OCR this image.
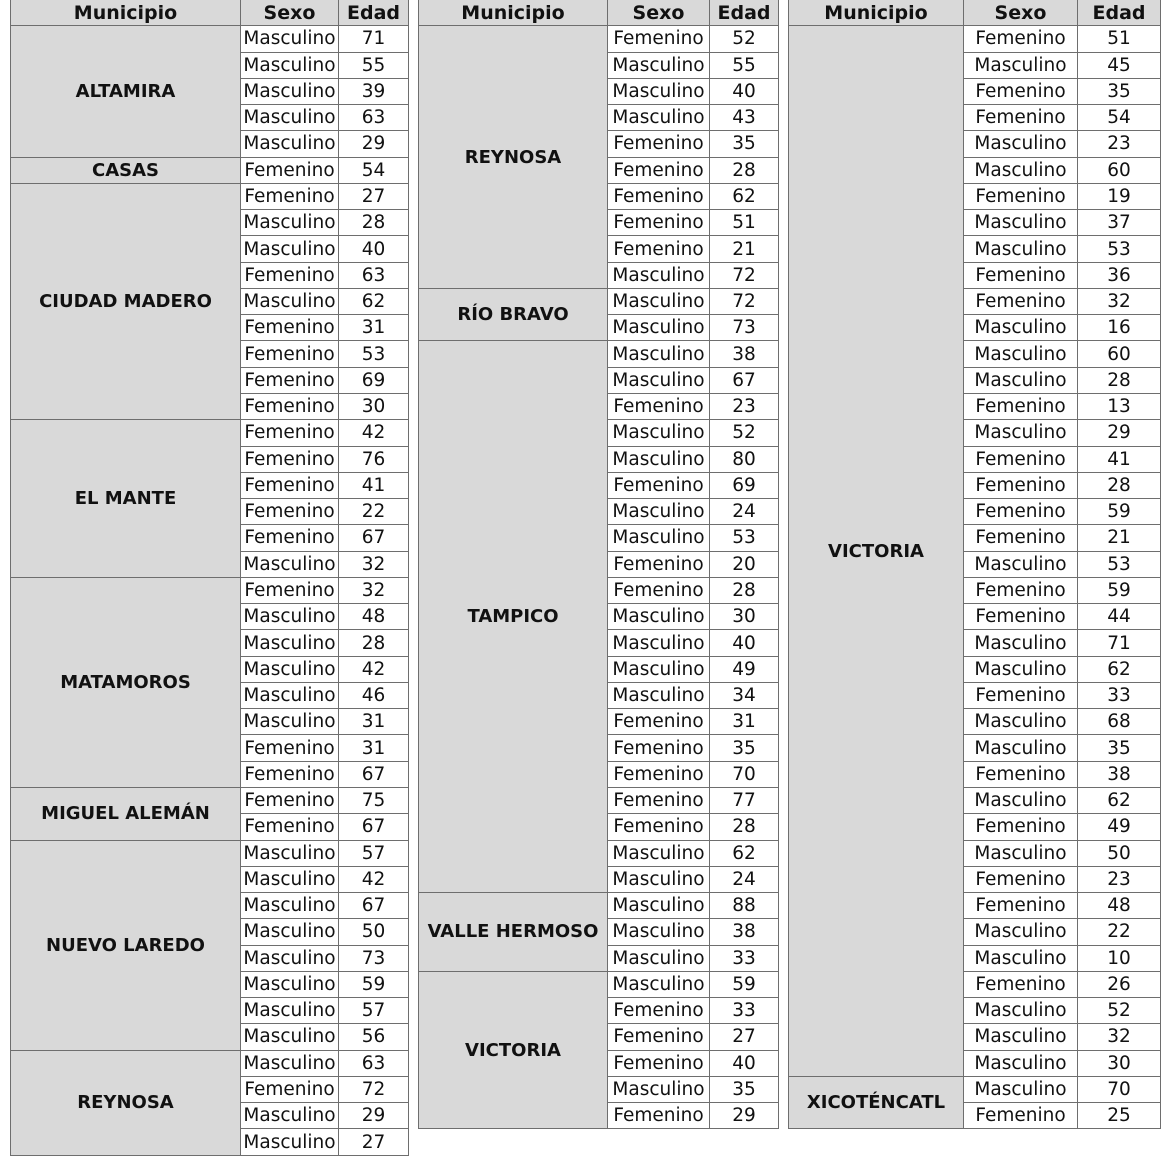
Municipio	Sexo	Edad
ALTAMIRA	Masculino	71
	Masculino	55
	Masculino	39
	Masculino	63
	Masculino	29
CASAS	Femenino	54
CIUDAD MADERO	Femenino	27
	Masculino	28
	Masculino	40
	Femenino	63
	Masculino	62
	Femenino	31
	Femenino	53
	Femenino	69
	Femenino	30
EL MANTE	Femenino	42
	Femenino	76
	Femenino	41
	Femenino	22
	Femenino	67
	Masculino	32
MATAMOROS	Femenino	32
	Masculino	48
	Masculino	28
	Masculino	42
	Masculino	46
	Masculino	31
	Femenino	31
	Femenino	67
MIGUEL ALEMÁN	Femenino	75
	Femenino	67
NUEVO LAREDO	Masculino	57
	Masculino	42
	Masculino	67
	Masculino	50
	Masculino	73
	Masculino	59
	Masculino	57
	Masculino	56
REYNOSA	Masculino	63
	Femenino	72
	Masculino	29
	Masculino	27
Municipio	Sexo	Edad
REYNOSA	Femenino	52
	Masculino	55
	Masculino	40
	Masculino	43
	Femenino	35
	Femenino	28
	Femenino	62
	Femenino	51
	Femenino	21
	Masculino	72
RÍO BRAVO	Masculino	72
	Masculino	73
TAMPICO	Masculino	38
	Masculino	67
	Femenino	23
	Masculino	52
	Masculino	80
	Femenino	69
	Masculino	24
	Masculino	53
	Femenino	20
	Femenino	28
	Masculino	30
	Masculino	40
	Masculino	49
	Masculino	34
	Femenino	31
	Femenino	35
	Femenino	70
	Femenino	77
	Femenino	28
	Masculino	62
	Masculino	24
VALLE HERMOSO	Masculino	88
	Masculino	38
	Masculino	33
VICTORIA	Masculino	59
	Femenino	33
	Femenino	27
	Femenino	40
	Masculino	35
	Femenino	29
Municipio	Sexo	Edad
VICTORIA	Femenino	51
	Masculino	45
	Femenino	35
	Femenino	54
	Masculino	23
	Masculino	60
	Femenino	19
	Masculino	37
	Masculino	53
	Femenino	36
	Femenino	32
	Masculino	16
	Masculino	60
	Masculino	28
	Femenino	13
	Masculino	29
	Femenino	41
	Femenino	28
	Femenino	59
	Femenino	21
	Masculino	53
	Femenino	59
	Femenino	44
	Masculino	71
	Masculino	62
	Femenino	33
	Masculino	68
	Masculino	35
	Femenino	38
	Masculino	62
	Femenino	49
	Masculino	50
	Femenino	23
	Femenino	48
	Masculino	22
	Masculino	10
	Femenino	26
	Masculino	52
	Masculino	32
	Masculino	30
XICOTÉNCATL	Masculino	70
	Femenino	25
